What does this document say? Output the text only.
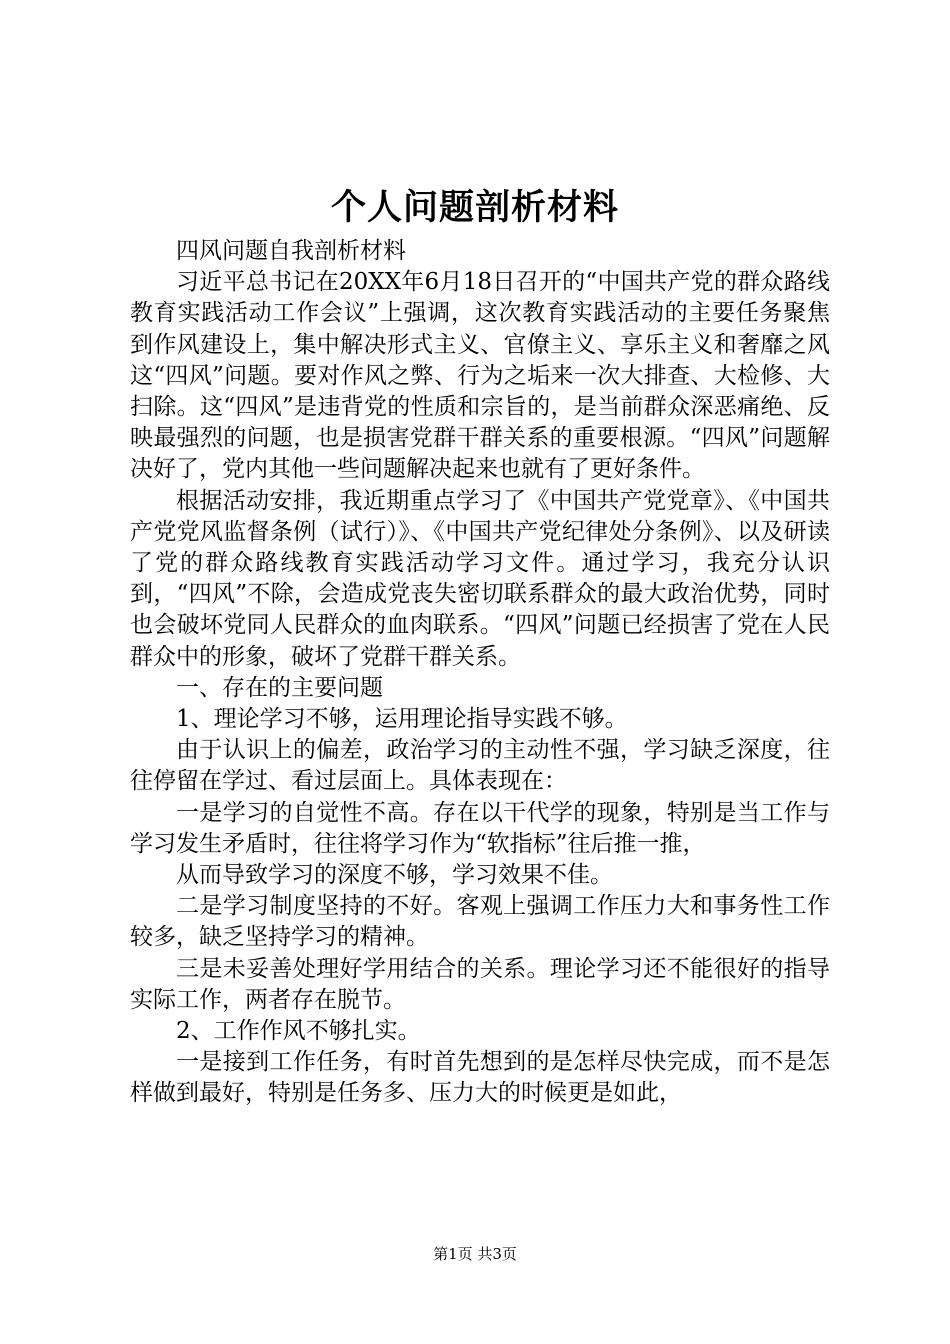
个人问题剖析材料

四风问题自我剖析材料

习近平总书记在20XX年6月18日召开的“中国共产党的群众路线教育实践活动工作会议”上强调，这次教育实践活动的主要任务聚焦到作风建设上，集中解决形式主义、官僚主义、享乐主义和奢靡之风这“四风”问题。要对作风之弊、行为之垢来一次大排查、大检修、大扫除。这“四风”是违背党的性质和宗旨的，是当前群众深恶痛绝、反映最强烈的问题，也是损害党群干群关系的重要根源。“四风”问题解决好了，党内其他一些问题解决起来也就有了更好条件。

根据活动安排，我近期重点学习了《中国共产党党章》、《中国共产党党风监督条例（试行）》、《中国共产党纪律处分条例》、以及研读了党的群众路线教育实践活动学习文件。通过学习，我充分认识到，“四风”不除，会造成党丧失密切联系群众的最大政治优势，同时也会破坏党同人民群众的血肉联系。“四风”问题已经损害了党在人民群众中的形象，破坏了党群干群关系。

一、存在的主要问题

1、理论学习不够，运用理论指导实践不够。

由于认识上的偏差，政治学习的主动性不强，学习缺乏深度，往往停留在学过、看过层面上。具体表现在：

一是学习的自觉性不高。存在以干代学的现象，特别是当工作与学习发生矛盾时，往往将学习作为“软指标”往后推一推，

从而导致学习的深度不够，学习效果不佳。

二是学习制度坚持的不好。客观上强调工作压力大和事务性工作较多，缺乏坚持学习的精神。

三是未妥善处理好学用结合的关系。理论学习还不能很好的指导实际工作，两者存在脱节。

2、工作作风不够扎实。

一是接到工作任务，有时首先想到的是怎样尽快完成，而不是怎样做到最好，特别是任务多、压力大的时候更是如此，

第1页 共3页
